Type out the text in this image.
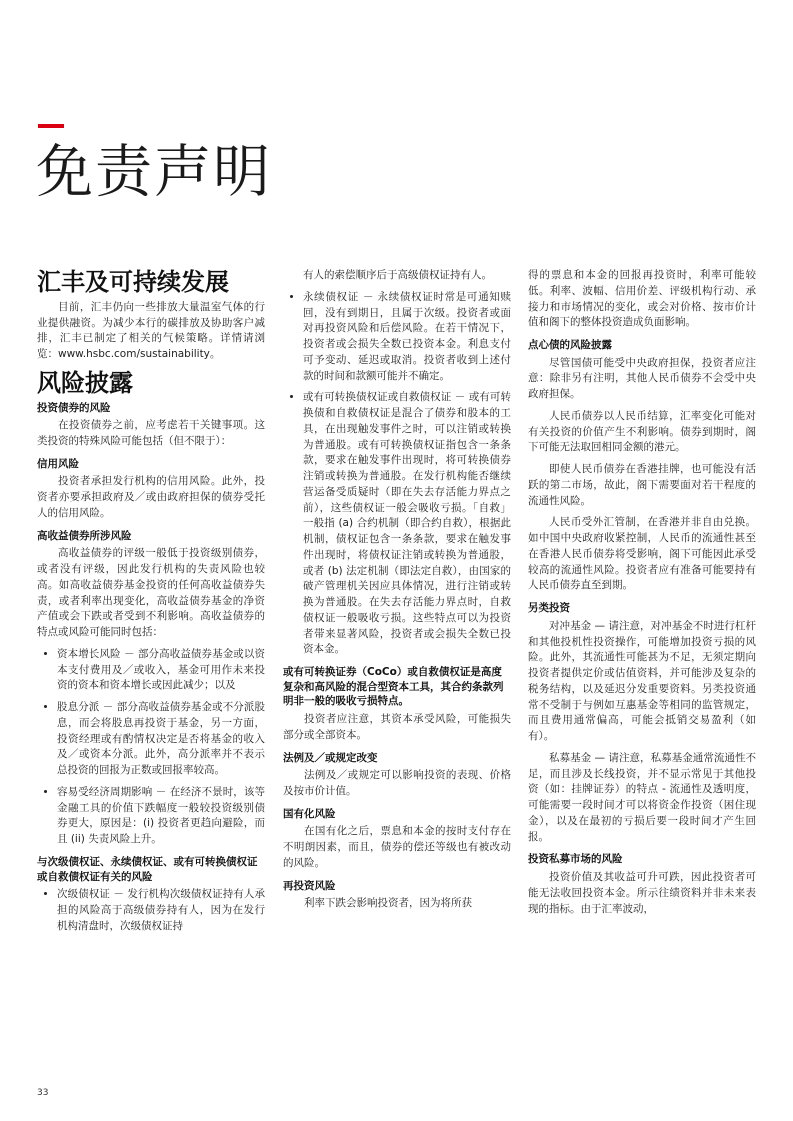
免责声明
汇丰及可持续发展

目前，汇丰仍向一些排放大量温室气体的行业提供融资。为减少本行的碳排放及协助客户减排，汇丰已制定了相关的气候策略。详情请浏览：www.hsbc.com/sustainability。

风险披露
投资债券的风险

在投资债券之前，应考虑若干关键事项。这类投资的特殊风险可能包括（但不限于）：

信用风险

投资者承担发行机构的信用风险。此外，投资者亦要承担政府及／或由政府担保的债券受托人的信用风险。

高收益债券所涉风险

高收益债券的评级一般低于投资级别债券，或者没有评级，因此发行机构的失责风险也较高。如高收益债券基金投资的任何高收益债券失责，或者利率出现变化，高收益债券基金的净资产值或会下跌或者受到不利影响。高收益债券的特点或风险可能同时包括：

• 资本增长风险 － 部分高收益债券基金或以资本支付费用及／或收入，基金可用作未来投资的资本和资本增长或因此减少；以及
• 股息分派 － 部分高收益债券基金或不分派股息，而会将股息再投资于基金，另一方面，投资经理或有酌情权决定是否将基金的收入及／或资本分派。此外，高分派率并不表示总投资的回报为正数或回报率较高。
• 容易受经济周期影响 － 在经济不景时，该等金融工具的价值下跌幅度一般较投资级别债券更大，原因是：(i) 投资者更趋向避险，而且 (ii) 失责风险上升。
与次级债权证、永续债权证、或有可转换债权证或自救债权证有关的风险
• 次级债权证 － 发行机构次级债权证持有人承担的风险高于高级债券持有人，因为在发行机构清盘时，次级债权证持

有人的索偿顺序后于高级债权证持有人。

• 永续债权证 － 永续债权证时常是可通知赎回，没有到期日，且属于次级。投资者或面对再投资风险和后偿风险。在若干情况下，投资者或会损失全数已投资本金。利息支付可予变动、延迟或取消。投资者收到上述付款的时间和款额可能并不确定。
• 或有可转换债权证或自救债权证 － 或有可转换债和自救债权证是混合了债券和股本的工具，在出现触发事件之时，可以注销或转换为普通股。或有可转换债权证指包含一条条款，要求在触发事件出现时，将可转换债券注销或转换为普通股。在发行机构能否继续营运备受质疑时（即在失去存活能力界点之前），这些债权证一般会吸收亏损。「自救」一般指 (a) 合约机制（即合约自救），根据此机制，债权证包含一条条款，要求在触发事件出现时，将债权证注销或转换为普通股，或者 (b) 法定机制（即法定自救），由国家的破产管理机关因应具体情况，进行注销或转换为普通股。在失去存活能力界点时，自救债权证一般吸收亏损。这些特点可以为投资者带来显著风险，投资者或会损失全数已投资本金。
或有可转换证券（CoCo）或自救债权证是高度复杂和高风险的混合型资本工具，其合约条款列明非一般的吸收亏损特点。

投资者应注意，其资本承受风险，可能损失部分或全部资本。

法例及／或规定改变

法例及／或规定可以影响投资的表现、价格及按市价计值。

国有化风险

在国有化之后，票息和本金的按时支付存在不明朗因素，而且，债券的偿还等级也有被改动的风险。

再投资风险

利率下跌会影响投资者，因为将所获

得的票息和本金的回报再投资时，利率可能较低。利率、波幅、信用价差、评级机构行动、承接力和市场情况的变化，或会对价格、按市价计值和阁下的整体投资造成负面影响。

点心债的风险披露

尽管国债可能受中央政府担保，投资者应注意：除非另有注明，其他人民币债券不会受中央政府担保。

人民币债券以人民币结算，汇率变化可能对有关投资的价值产生不利影响。债券到期时，阁下可能无法取回相同金额的港元。

即使人民币债券在香港挂牌，也可能没有活跃的第二市场，故此，阁下需要面对若干程度的流通性风险。

人民币受外汇管制，在香港并非自由兑换。如中国中央政府收紧控制，人民币的流通性甚至在香港人民币债券将受影响，阁下可能因此承受较高的流通性风险。投资者应有准备可能要持有人民币债券直至到期。

另类投资

对冲基金 — 请注意，对冲基金不时进行杠杆和其他投机性投资操作，可能增加投资亏损的风险。此外，其流通性可能甚为不足，无须定期向投资者提供定价或估值资料，并可能涉及复杂的税务结构，以及延迟分发重要资料。另类投资通常不受制于与例如互惠基金等相同的监管规定，而且费用通常偏高，可能会抵销交易盈利（如有）。

私募基金 — 请注意，私募基金通常流通性不足，而且涉及长线投资，并不显示常见于其他投资（如：挂牌证券）的特点 - 流通性及透明度，可能需要一段时间才可以将资金作投资（困住现金），以及在最初的亏损后要一段时间才产生回报。

投资私募市场的风险

投资价值及其收益可升可跌，因此投资者可能无法收回投资本金。所示往绩资料并非未来表现的指标。由于汇率波动，

33
